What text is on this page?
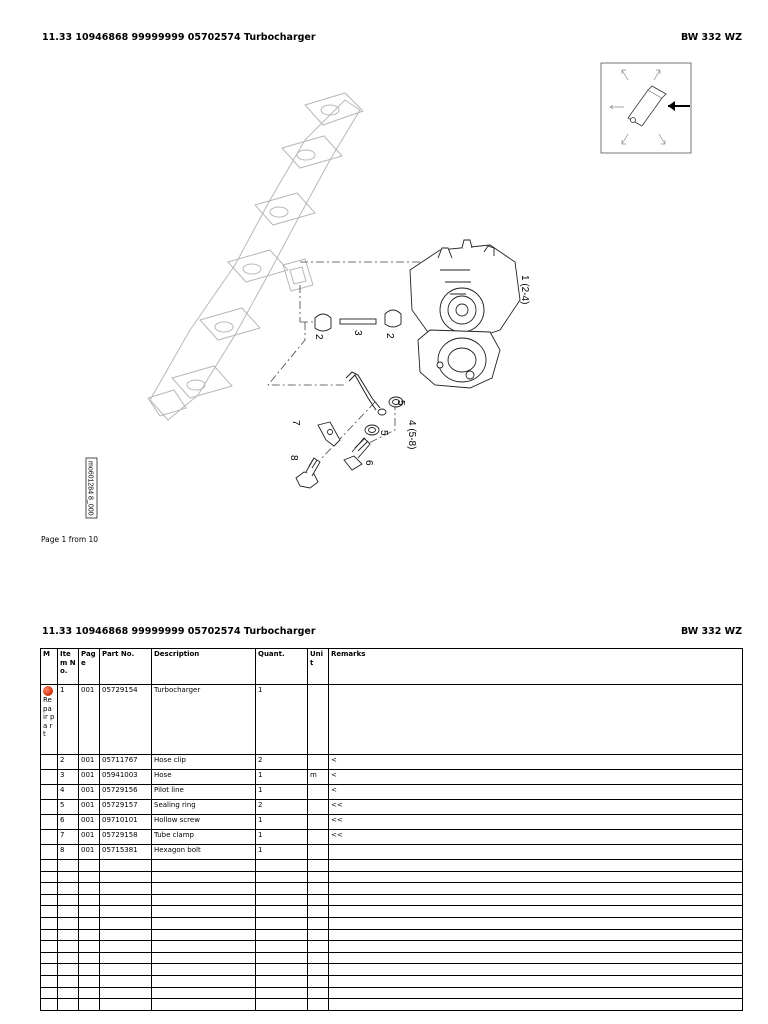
11.33 10946868 99999999 05702574 Turbocharger	BW 332 WZ
1 (2-4)
2
3
2
5
4 (5-8)
5
6
7
8
mo601284 8_000
Page 1 from 10
11.33 10946868 99999999 05702574 Turbocharger	BW 332 WZ
M	Ite m No.	Pag e	Part No.	Description	Quant.	Uni t	Remarks

Re pa ir pa rt	1	001	05729154	Turbocharger	1		
	2	001	05711767	Hose clip	2		<
	3	001	05941003	Hose	1	m	<
	4	001	05729156	Pilot line	1		<
	5	001	05729157	Sealing ring	2		<<
	6	001	09710101	Hollow screw	1		<<
	7	001	05729158	Tube clamp	1		<<
	8	001	05715381	Hexagon bolt	1		
